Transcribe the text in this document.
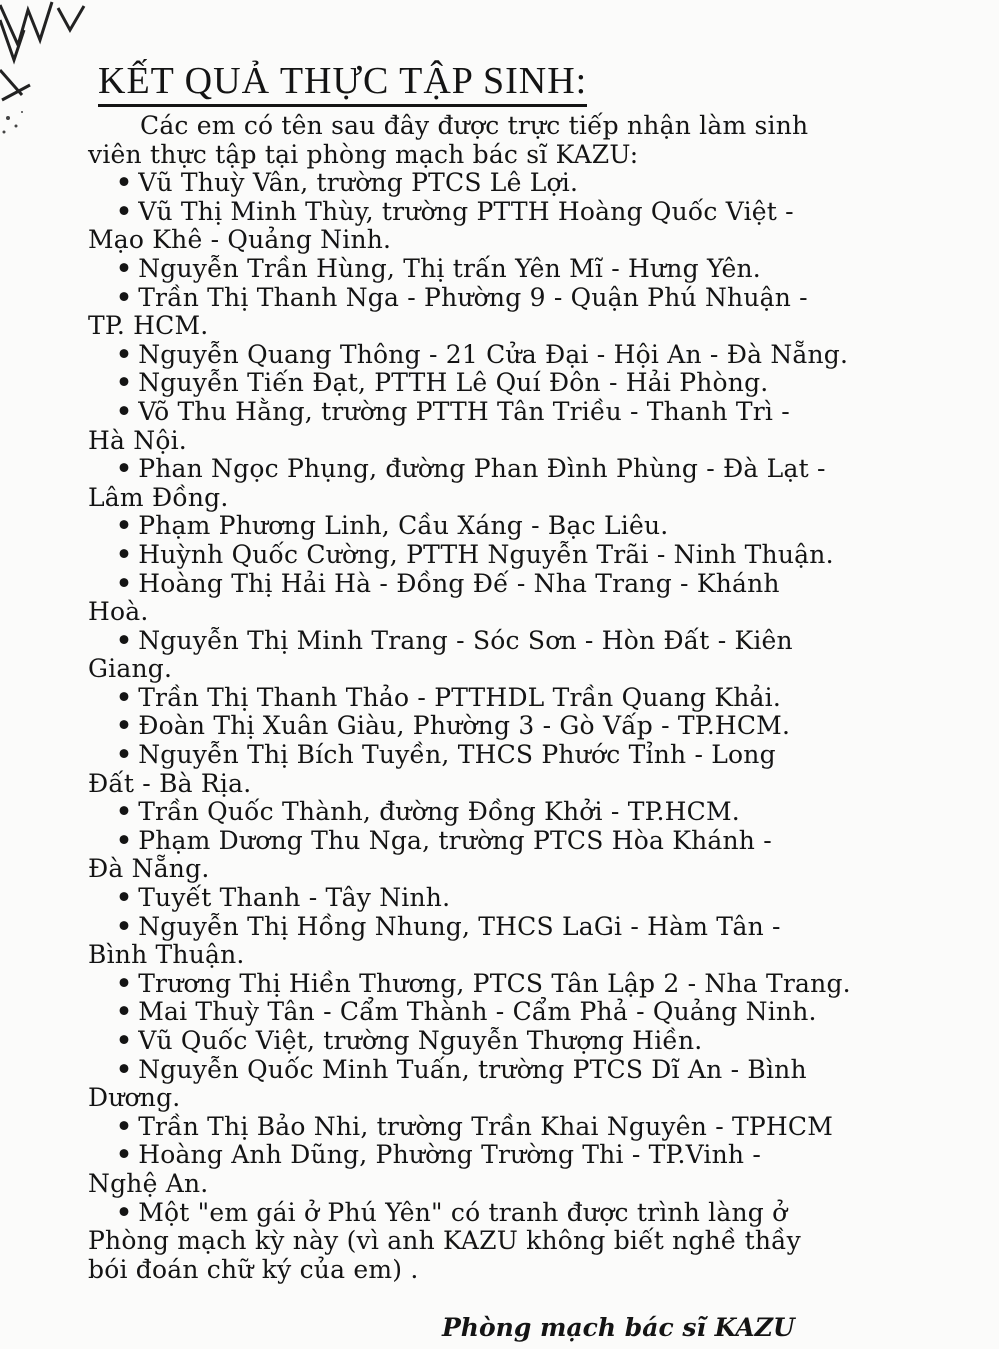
KẾT QUẢ THỰC TẬP SINH:
Các em có tên sau đây được trực tiếp nhận làm sinh
viên thực tập tại phòng mạch bác sĩ KAZU:
• Vũ Thuỳ Vân, trường PTCS Lê Lợi.
• Vũ Thị Minh Thùy, trường PTTH Hoàng Quốc Việt -
Mạo Khê - Quảng Ninh.
• Nguyễn Trần Hùng, Thị trấn Yên Mĩ - Hưng Yên.
• Trần Thị Thanh Nga - Phường 9 - Quận Phú Nhuận -
TP. HCM.
• Nguyễn Quang Thông - 21 Cửa Đại - Hội An - Đà Nẵng.
• Nguyễn Tiến Đạt, PTTH Lê Quí Đôn - Hải Phòng.
• Võ Thu Hằng, trường PTTH Tân Triều - Thanh Trì -
Hà Nội.
• Phan Ngọc Phụng, đường Phan Đình Phùng - Đà Lạt -
Lâm Đồng.
• Phạm Phương Linh, Cầu Xáng - Bạc Liêu.
• Huỳnh Quốc Cường, PTTH Nguyễn Trãi - Ninh Thuận.
• Hoàng Thị Hải Hà - Đồng Đế - Nha Trang - Khánh
Hoà.
• Nguyễn Thị Minh Trang - Sóc Sơn - Hòn Đất - Kiên
Giang.
• Trần Thị Thanh Thảo - PTTHDL Trần Quang Khải.
• Đoàn Thị Xuân Giàu, Phường 3 - Gò Vấp - TP.HCM.
• Nguyễn Thị Bích Tuyền, THCS Phước Tỉnh - Long
Đất - Bà Rịa.
• Trần Quốc Thành, đường Đồng Khởi - TP.HCM.
• Phạm Dương Thu Nga, trường PTCS Hòa Khánh -
Đà Nẵng.
• Tuyết Thanh - Tây Ninh.
• Nguyễn Thị Hồng Nhung, THCS LaGi - Hàm Tân -
Bình Thuận.
• Trương Thị Hiền Thương, PTCS Tân Lập 2 - Nha Trang.
• Mai Thuỳ Tân - Cẩm Thành - Cẩm Phả - Quảng Ninh.
• Vũ Quốc Việt, trường Nguyễn Thượng Hiền.
• Nguyễn Quốc Minh Tuấn, trường PTCS Dĩ An - Bình
Dương.
• Trần Thị Bảo Nhi, trường Trần Khai Nguyên - TPHCM
• Hoàng Anh Dũng, Phường Trường Thi - TP.Vinh -
Nghệ An.
• Một "em gái ở Phú Yên" có tranh được trình làng ở
Phòng mạch kỳ này (vì anh KAZU không biết nghề thầy
bói đoán chữ ký của em) .
Phòng mạch bác sĩ KAZU
